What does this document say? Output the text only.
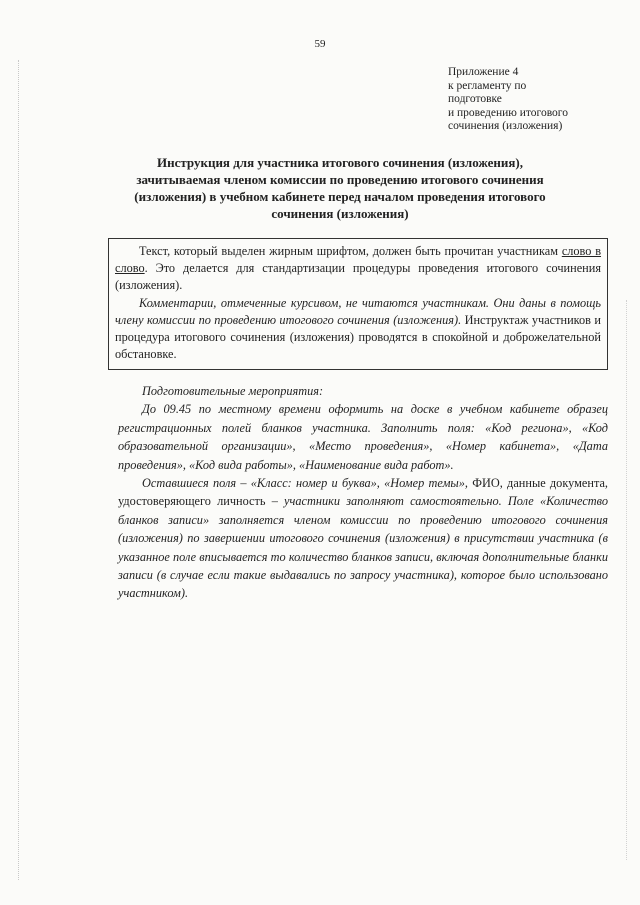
59
Приложение 4
к регламенту по
подготовке
и проведению итогового
сочинения (изложения)
Инструкция для участника итогового сочинения (изложения),
зачитываемая членом комиссии по проведению итогового сочинения
(изложения) в учебном кабинете перед началом проведения итогового
сочинения (изложения)

Текст, который выделен жирным шрифтом, должен быть прочитан участникам слово в слово. Это делается для стандартизации процедуры проведения итогового сочинения (изложения).

Комментарии, отмеченные курсивом, не читаются участникам. Они даны в помощь члену комиссии по проведению итогового сочинения (изложения). Инструктаж участников и процедура итогового сочинения (изложения) проводятся в спокойной и доброжелательной обстановке.

Подготовительные мероприятия:

До 09.45 по местному времени оформить на доске в учебном кабинете образец регистрационных полей бланков участника. Заполнить поля: «Код региона», «Код образовательной организации», «Место проведения», «Номер кабинета», «Дата проведения», «Код вида работы», «Наименование вида работ».

Оставшиеся поля – «Класс: номер и буква», «Номер темы», ФИО, данные документа, удостоверяющего личность – участники заполняют самостоятельно. Поле «Количество бланков записи» заполняется членом комиссии по проведению итогового сочинения (изложения) по завершении итогового сочинения (изложения) в присутствии участника (в указанное поле вписывается то количество бланков записи, включая дополнительные бланки записи (в случае если такие выдавались по запросу участника), которое было использовано участником).
